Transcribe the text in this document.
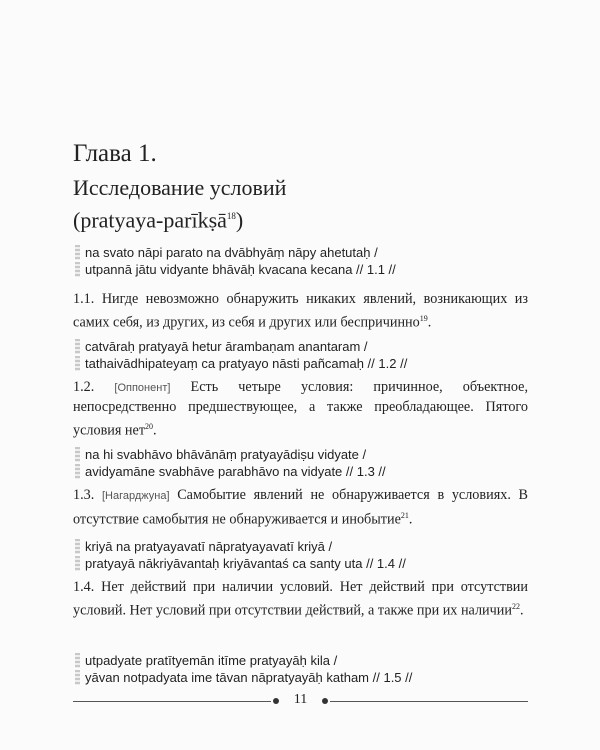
Глава 1.
Исследование условий
(pratyaya-parīkṣā$^{18}$)
na svato nāpi parato na dvābhyāṃ nāpy ahetutaḥ /
utpannā jātu vidyante bhāvāḥ kvacana kecana // 1.1 //
1.1. Нигде невозможно обнаружить никаких явлений, возникающих из самих себя, из других, из себя и других или беспричинно$^{19}$.
catvāraḥ pratyayā hetur ārambaṇam anantaram /
tathaivādhipateyaṃ ca pratyayo nāsti pañcamaḥ // 1.2 //
1.2. [Оппонент] Есть четыре условия: причинное, объектное, непосредственно предшествующее, а также преобладающее. Пятого условия нет$^{20}$.
na hi svabhāvo bhāvānāṃ pratyayādiṣu vidyate /
avidyamāne svabhāve parabhāvo na vidyate // 1.3 //
1.3. [Нагарджуна] Самобытие явлений не обнаруживается в условиях. В отсутствие самобытия не обнаруживается и инобытие$^{21}$.
kriyā na pratyayavatī nāpratyayavatī kriyā /
pratyayā nākriyāvantaḥ kriyāvantaś ca santy uta // 1.4 //
1.4. Нет действий при наличии условий. Нет действий при отсутствии условий. Нет условий при отсутствии действий, а также при их наличии$^{22}$.
utpadyate pratītyemān itīme pratyayāḥ kila /
yāvan notpadyata ime tāvan nāpratyayāḥ katham // 1.5 //
11
